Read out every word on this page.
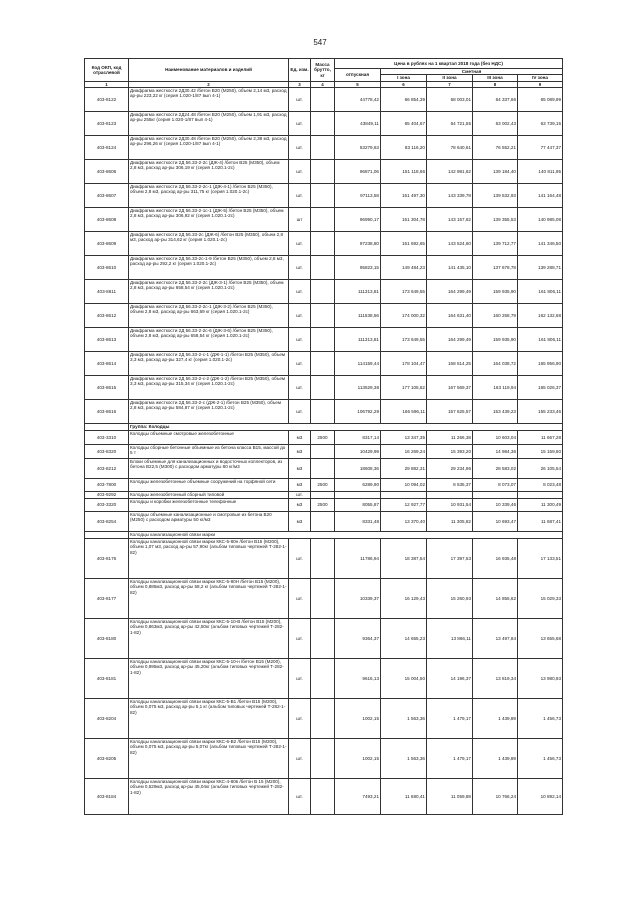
547
Код ОКП, код отраслевой	Наименование материалов и изделий	Ед. изм.	Масса брутто, кг	Цена в рублях на 1 квартал 2018 года (без НДС)				
				отпускная	Сметная			
					I зона	II зона	III зона	IV зона
1	2	3	4	5	6	7	8	9
403-8122	Диафрагма жесткости 2Д30.42 /бетон В20 (М250), объем 2,14 м3, расход ар-ры 223,22 кг (серия 1.020-1/87 вып 4-1)	шт.		44778,42	66 854,39	68 003,01	64 337,66	65 089,99
403-8123	Диафрагма жесткости 2Д24.48 /бетон В20 (М250), объем 1,91 м3, расход ар-ры 255кг (серия 1.020-1/87 вып 4-1)	шт.		43849,11	65 404,67	64 721,55	63 002,43	63 739,15
403-8124	Диафрагма жесткости 2Д30.48 /бетон В20 (М250), объем 2,38 м3, расход ар-ры 296,26 кг (серия 1.020-1/87 вып 4-1)	шт.		53279,63	83 116,20	78 640,61	76 552,21	77 447,37
403-8606	Диафрагма жесткости 2Д 56.33-2-2с (ДЖ-4) /бетон В25 (М350), объем 2,8 м3, расход ар-ры 306,19 кг (серия 1.020.1-2с)	шт.		96871,06	151 118,66	142 981,62	139 184,40	140 811,95
403-8607	Диафрагма жесткости 2Д 56.33-2-2с-1 (ДЖ-4-1) /бетон В25 (М350), объем 2,8 м3, расход ар-ры 311,75 кг (серия 1.020.1-2с)	шт.		97113,58	151 497,30	143 339,78	139 532,93	141 164,48
403-8608	Диафрагма жесткости 2Д 56.33-2-1с-1 (ДЖ-5) /бетон В25 (М350), объем 2,8 м3, расход ар-ры 306,92 кг (серия 1.020.1-2с)	шт		96990,17	151 304,78	143 157,62	139 355,53	140 985,08
403-8609	Диафрагма жесткости 2Д 56.33-2с (ДЖ-6) /бетон В25 (М350), объем 2,8 м3, расход ар-ры 314,62 кг (серия 1.020.1-2с)	шт.		97238,80	151 692,65	143 524,60	139 712,77	141 346,50
403-8610	Диафрагма жесткости 2Д 56.33-2с-1-9 /бетон В25 (М350), объем 2,8 м3, расход ар-ры 292,2 кг (серия 1.020.1-2с)	шт.		95823,15	149 484,23	141 435,10	137 678,78	139 288,71
403-8611	Диафрагма жесткости 2Д 56.33-2-2с (ДЖ-3-1) /бетон В25 (М350), объем 2,8 м3, расход ар-ры 658,54 кг (серия 1.020.1-2с)	шт.		111313,81	173 649,55	164 299,49	159 935,90	161 806,11
403-8612	Диафрагма жесткости 2Д 56.33-2-2с-1 (ДЖ-3-2) /бетон В25 (М350), объем 2,8 м3, расход ар-ры 663,69 кг (серия 1.020.1-2с)	шт.		111538,56	174 000,32	164 631,40	160 258,79	162 132,68
403-8613	Диафрагма жесткости 2Д 56.33-2-2с-6 (ДЖ-3-6) /бетон В25 (М350), объем 2,8 м3, расход ар-ры 658,54 кг (серия 1.020.1-2с)	шт.		111313,81	173 649,55	164 299,49	159 935,90	161 806,11
403-8614	Диафрагма жесткости 2Д 56.33-2-с-1 (ДЖ-1-1) /бетон В25 (М350), объем 3,3 м3, расход ар-ры 327,4 кг (серия 1.020.1-2с)	шт.		114159,44	178 104,47	168 514,25	164 038,72	165 956,90
403-8615	Диафрагма жесткости 2Д 56.33-2-с-2 (ДЖ-1-2) /бетон В25 (М350), объем 3,3 м3, расход ар-ры 315,34 кг (серия 1.020.1-2с)	шт.		113529,38	177 105,62	167 569,37	163 119,94	165 026,37
403-8616	Диафрагма жесткости 2Д 56.33-2-с (ДЖ-2-1) /бетон В25 (М350), объем 2,8 м3, расход ар-ры 584,87 кг (серия 1.020.1-2с)	шт.		106792,29	166 596,11	157 625,57	153 439,23	155 233,46
	Группа: Колодцы							
403-3310	Колодцы объемные смотровые железобетонные	м3	2500	8317,14	13 347,35	11 266,38	10 603,04	11 667,28
403-8320	Колодцы сборные бетонные объемные из бетона класса В15, массой до 5 т	м3		10429,99	16 269,24	15 393,20	14 984,36	15 159,60
403-8212	Блоки объемные для канализационных и водосточных коллекторов, из бетона В22,5 (М300) с расходом арматуры 80 кг/м3	м3		18608,36	29 882,31	29 234,96	28 583,02	26 105,54
403-7800	Колодцы железобетонные объемные сооружений на торфяной сети	м3	2500	6289,90	10 094,02	8 535,37	8 073,07	8 023,48
403-9292	Колодцы железобетонный сборный типовой	шт.						
403-3320	Колодцы и коробки железобетонные телефонные	м3	2500	8055,87	12 927,77	10 931,54	10 339,46	11 300,49
403-8254	Колодцы объемные канализационные и смотровые из бетона В20 (М250) с расходом арматуры 50 кг/м3	м3		8331,48	13 370,40	11 305,82	10 693,47	11 687,41
	Колодцы канализационной связи марки							
403-8176	Колодцы канализационной связи марки ККС-5-80н /бетон В15 (М200), объем 1,07 м3, расход ар-ры 57,90кг (альбом типовых чертежей Т-282-1-82)	шт.		11786,94	18 387,54	17 397,53	16 935,48	17 133,51
403-8177	Колодцы канализационной связи марки ККС-5-80Н /бетон В15 (М200), объем 0,885м3, расход ар-ры 58,2 кг (альбом типовых чертежей Т-282-1-82)	шт.		10339,37	16 129,43	15 260,93	14 855,62	15 029,33
403-8180	Колодцы канализационной связи марки ККС-5-10-В /бетон В15 (М200), объем 0,863м3, расход ар-ры 42,50кг (альбом типовых чертежей Т-282-1-82)	шт.		9364,37	14 655,23	13 866,11	13 497,84	13 655,68
403-8181	Колодцы канализационной связи марки ККС-5-10-н /бетон В15 (М200), объем 0,995м3, расход ар-ры 45,20кг (альбом типовых чертежей Т-282-1-82)	шт.		9616,13	15 004,50	14 196,37	13 819,34	13 980,93
403-8204	Колодцы канализационной связи марки ККС-5-В1 /бетон В15 (М200), объем 0,075 м3, расход ар-ры 5,1 кг (альбом типовых чертежей Т-282-1-82)	шт.		1002,15	1 563,36	1 479,17	1 439,89	1 456,73
403-8205	Колодцы канализационной связи марки ККС-6-В2 /бетон В15 (М200), объем 0,075 м3, расход ар-ры 5,07кг (альбом типовых чертежей Т-282-1-82)	шт.		1002,15	1 563,36	1 479,17	1 439,89	1 456,73
403-8184	Колодцы канализационной связи марки ККС-4-80в /бетон В 15 (М200), объем 0,529м3, расход ар-ры 45,04кг (альбом типовых чертежей Т-282-1-82)	шт.		7493,21	11 680,41	11 059,88	10 766,24	10 892,14
